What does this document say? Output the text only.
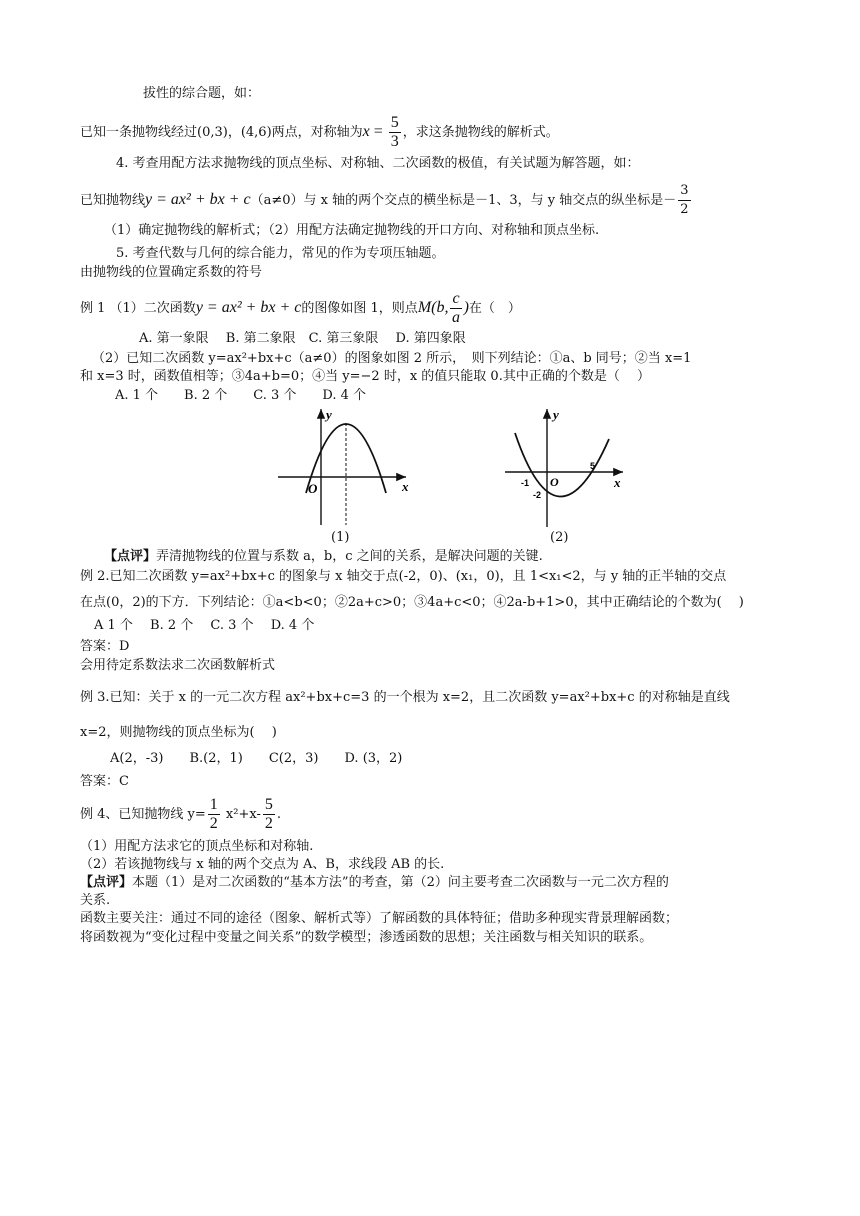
拔性的综合题，如：
已知一条抛物线经过(0,3)，(4,6)两点，对称轴为$x = \frac{5}{3}$ ，求这条抛物线的解析式。
4. 考查用配方法求抛物线的顶点坐标、对称轴、二次函数的极值，有关试题为解答题，如：
已知抛物线y = ax² + bx + c（a≠0）与 x 轴的两个交点的横坐标是－1、3，与 y 轴交点的纵坐标是－ $\frac{3}{2}$
（1）确定抛物线的解析式；（2）用配方法确定抛物线的开口方向、对称轴和顶点坐标.
5. 考查代数与几何的综合能力，常见的作为专项压轴题。
由抛物线的位置确定系数的符号
例 1 （1）二次函数y = ax² + bx + c的图像如图 1，则点M(b, $\frac{c}{a}$ )在（　）
A. 第一象限　 B. 第二象限　C. 第三象限　 D. 第四象限
（2）已知二次函数 y=ax²+bx+c（a≠0）的图象如图 2 所示，　则下列结论：①a、b 同号；②当 x=1
和 x=3 时，函数值相等；③4a+b=0；④当 y=−2 时，x 的值只能取 0.其中正确的个数是（　 ）
A. 1 个　　B. 2 个　　C. 3 个　　D. 4 个
y
x
O
(1)
y
x
O
-1
-2
5
(2)
【点评】弄清抛物线的位置与系数 a，b，c 之间的关系，是解决问题的关键.
例 2.已知二次函数 y=ax²+bx+c 的图象与 x 轴交于点(-2，0)、(x₁，0)，且 1<x₁<2，与 y 轴的正半轴的交点
在点(0，2)的下方．下列结论：①a<b<0；②2a+c>0；③4a+c<0；④2a-b+1>0，其中正确结论的个数为(　 )
A 1 个　 B. 2 个　 C. 3 个　 D. 4 个
答案：D
会用待定系数法求二次函数解析式
例 3.已知：关于 x 的一元二次方程 ax²+bx+c=3 的一个根为 x=2，且二次函数 y=ax²+bx+c 的对称轴是直线
x=2，则抛物线的顶点坐标为(　 )
A(2，-3)　　B.(2，1)　　C(2，3)　　D. (3，2)
答案：C
例 4、已知抛物线 $y= \frac{1}{2} x^2+x- \frac{5}{2}$ .
（1）用配方法求它的顶点坐标和对称轴.
（2）若该抛物线与 x 轴的两个交点为 A、B，求线段 AB 的长.
【点评】本题（1）是对二次函数的“基本方法”的考查，第（2）问主要考查二次函数与一元二次方程的
关系.
函数主要关注：通过不同的途径（图象、解析式等）了解函数的具体特征；借助多种现实背景理解函数；
将函数视为“变化过程中变量之间关系”的数学模型；渗透函数的思想；关注函数与相关知识的联系。
